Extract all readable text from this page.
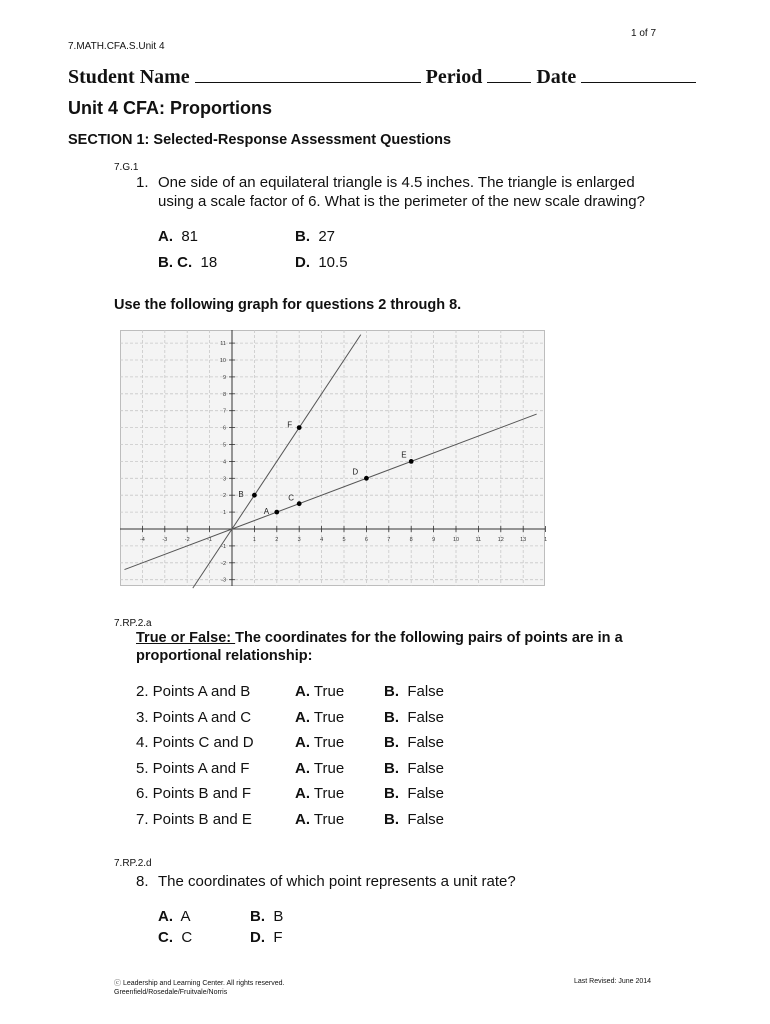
1 of 7
7.MATH.CFA.S.Unit 4
Student Name	Period	Date
Unit 4 CFA: Proportions
SECTION 1: Selected-Response Assessment Questions
7.G.1
1. One side of an equilateral triangle is 4.5 inches. The triangle is enlarged
using a scale factor of 6. What is the perimeter of the new scale drawing?
A. 81	B. 27
B. C. 18	D. 10.5
Use the following graph for questions 2 through 8.
-4	-3	-2	-1	1	2	3	4	5	6	7	8	9	10	11	12	13	1
11
10
9
8
7
6
5
4
3
2
1
-1
-2
-3
A
B	C
D
E
F
7.RP.2.a
True or False: The coordinates for the following pairs of points are in a
proportional relationship:
2. Points A and B	A. True	B. False
3. Points A and C	A. True	B. False
4. Points C and D	A. True	B. False
5. Points A and F	A. True	B. False
6. Points B and F	A. True	B. False
7. Points B and E	A. True	B. False
7.RP.2.d
8. The coordinates of which point represents a unit rate?
A. A	B. B
C. C	D. F
ⓒ Leadership and Learning Center. All rights reserved.
Greenfield/Rosedale/Fruitvale/Norris
Last Revised: June 2014
